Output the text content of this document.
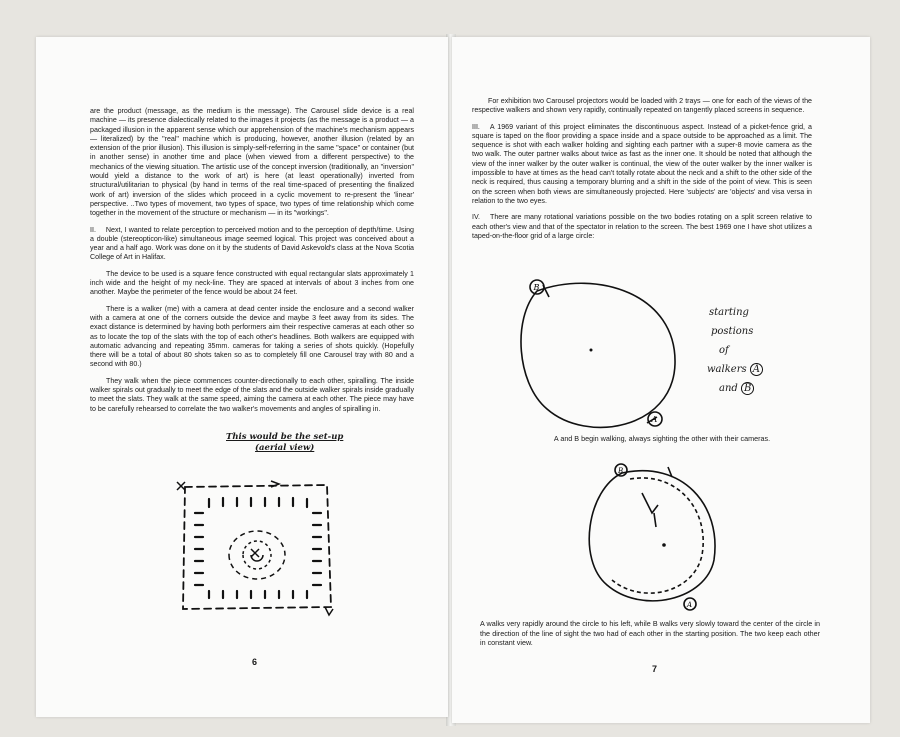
are the product (message, as the medium is the message). The Carousel slide device is a real machine — its presence dialectically related to the images it projects (as the message is a product — a packaged illusion in the apparent sense which our apprehension of the machine's mechanism appears — literalized) by the "real" machine which is producing, however, another illusion (related by an extension of the prior illusion). This illusion is simply-self-referring in the same "space" or container (but in another sense) in another time and place (when viewed from a different perspective) to the mechanics of the viewing situation. The artistic use of the concept inversion (traditionally, an "inversion" would yield a distance to the work of art) is here (at least operationally) inverted from structural/utilitarian to physical (by hand in terms of the real time-spaced of presenting the finalized work of art) inversion of the slides which proceed in a cyclic movement to re-present the 'linear' perspective. ..Two types of movement, two types of space, two types of time relationship which come together in the movement of the structure or mechanism — in its "workings".

II. Next, I wanted to relate perception to perceived motion and to the perception of depth/time. Using a double (stereopticon-like) simultaneous image seemed logical. This project was conceived about a year and a half ago. Work was done on it by the students of David Askevold's class at the Nova Scotia College of Art in Halifax.

The device to be used is a square fence constructed with equal rectangular slats approximately 1 inch wide and the height of my neck-line. They are spaced at intervals of about 3 inches from one another. Maybe the perimeter of the fence would be about 24 feet.

There is a walker (me) with a camera at dead center inside the enclosure and a second walker with a camera at one of the corners outside the device and maybe 3 feet away from its sides. The exact distance is determined by having both performers aim their respective cameras at each other so as to locate the top of the slats with the top of each other's headlines. Both walkers are equipped with automatic advancing and repeating 35mm. cameras for taking a series of shots quickly. (Hopefully there will be a total of about 80 shots taken so as to completely fill one Carousel tray with 80 and a second with 80.)

They walk when the piece commences counter-directionally to each other, spiralling. The inside walker spirals out gradually to meet the edge of the slats and the outside walker spirals inside gradually to meet the slats. They walk at the same speed, aiming the camera at each other. The piece may have to be carefully rehearsed to correlate the two walker's movements and angles of spiralling in.

This would be the set-up
(aerial view)
6

For exhibition two Carousel projectors would be loaded with 2 trays — one for each of the views of the respective walkers and shown very rapidly, continually repeated on tangently placed screens in sequence.

III. A 1969 variant of this project eliminates the discontinuous aspect. Instead of a picket-fence grid, a square is taped on the floor providing a space inside and a space outside to be approached as a limit. The sequence is shot with each walker holding and sighting each partner with a super-8 movie camera as the two walk. The outer partner walks about twice as fast as the inner one. It should be noted that although the view of the inner walker by the outer walker is continual, the view of the outer walker by the inner walker is impossible to have at times as the head can't totally rotate about the neck and a shift to the other side of the neck is required, thus causing a temporary blurring and a shift in the side of the point of view. This is seen on the screen when both views are simultaneously projected. Here 'subjects' are 'objects' and visa versa in relation to the two eyes.

IV. There are many rotational variations possible on the two bodies rotating on a split screen relative to each other's view and that of the spectator in relation to the screen. The best 1969 one I have shot utilizes a taped-on-the-floor grid of a large circle:

B
A
starting
postions
of
walkers A
and B
A and B begin walking, always sighting the other with their cameras.
B
A
A walks very rapidly around the circle to his left, while B walks very slowly toward the center of the circle in the direction of the line of sight the two had of each other in the starting position. The two keep each other in constant view.
7
